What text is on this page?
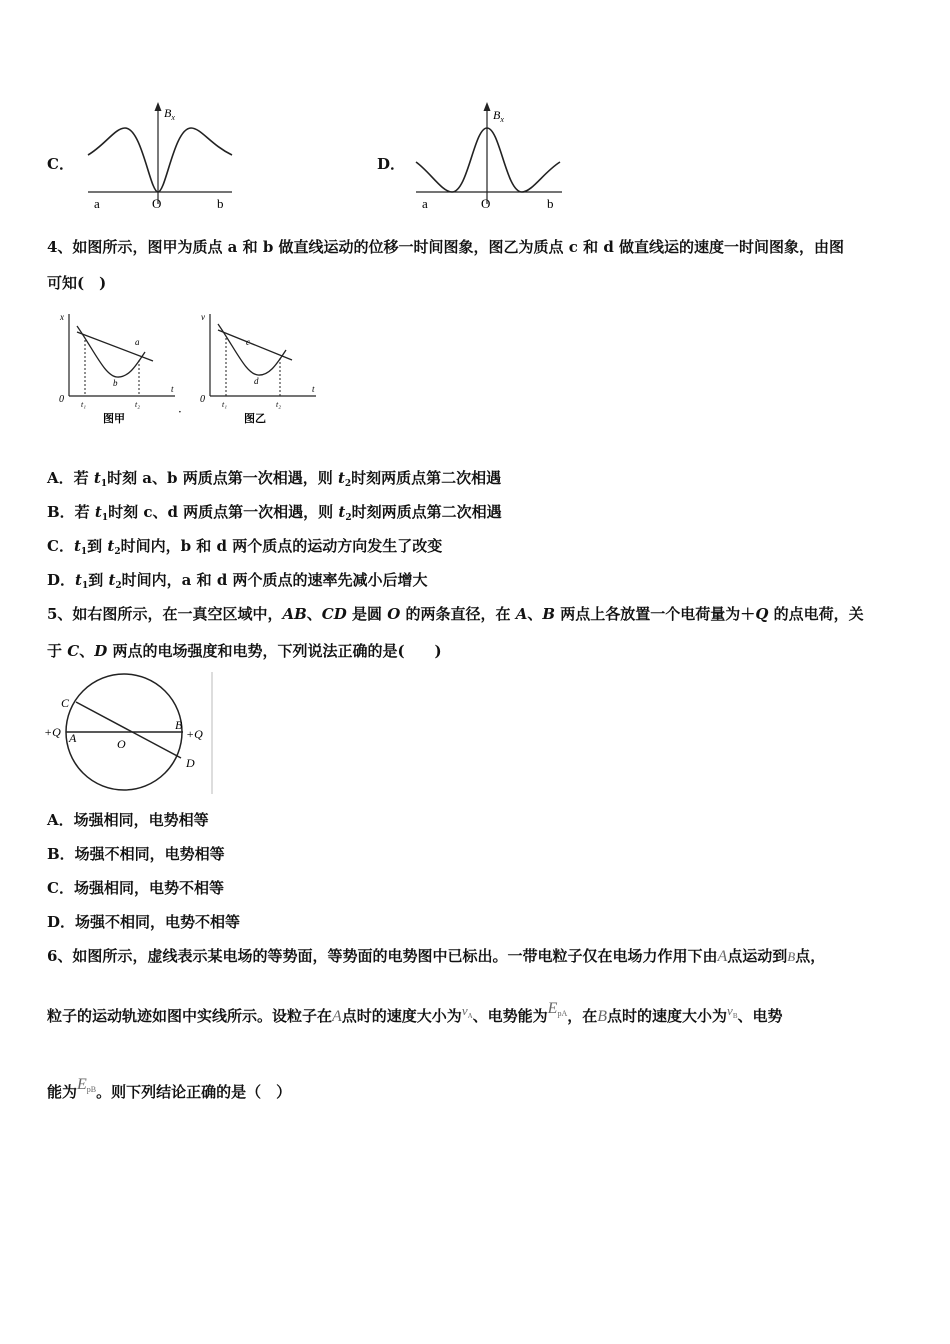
C．
$B_x$
a	O	b
D．
$B_x$
a	O	b
4、如图所示，图甲为质点 a 和 b 做直线运动的位移一时间图象，图乙为质点 c 和 d 做直线运的速度一时间图象，由图
可知(　)
x
0
t
t₁	t₂
a
b
图甲	·
v
0
t
t₁	t₂
c
d
图乙
A．若 $t_1$时刻 a、b 两质点第一次相遇，则 $t_2$时刻两质点第二次相遇
B．若 $t_1$时刻 c、d 两质点第一次相遇，则 $t_2$时刻两质点第二次相遇
C．$t_1$到 $t_2$时间内，b 和 d 两个质点的运动方向发生了改变
D．$t_1$到 $t_2$时间内，a 和 d 两个质点的速率先减小后增大
5、如右图所示，在一真空区域中，AB、CD 是圆 O 的两条直径，在 A、B 两点上各放置一个电荷量为＋Q 的点电荷，关
于 C、D 两点的电场强度和电势，下列说法正确的是(　　)
C
D
A
B
O
+Q	+Q
A．场强相同，电势相等
B．场强不相同，电势相等
C．场强相同，电势不相等
D．场强不相同，电势不相等
6、如图所示，虚线表示某电场的等势面，等势面的电势图中已标出。一带电粒子仅在电场力作用下由A点运动到B点，
粒子的运动轨迹如图中实线所示。设粒子在A点时的速度大小为$v_A$、电势能为$E_{pA}$，在B点时的速度大小为$v_B$、电势
能为$E_{pB}$。则下列结论正确的是（　）
